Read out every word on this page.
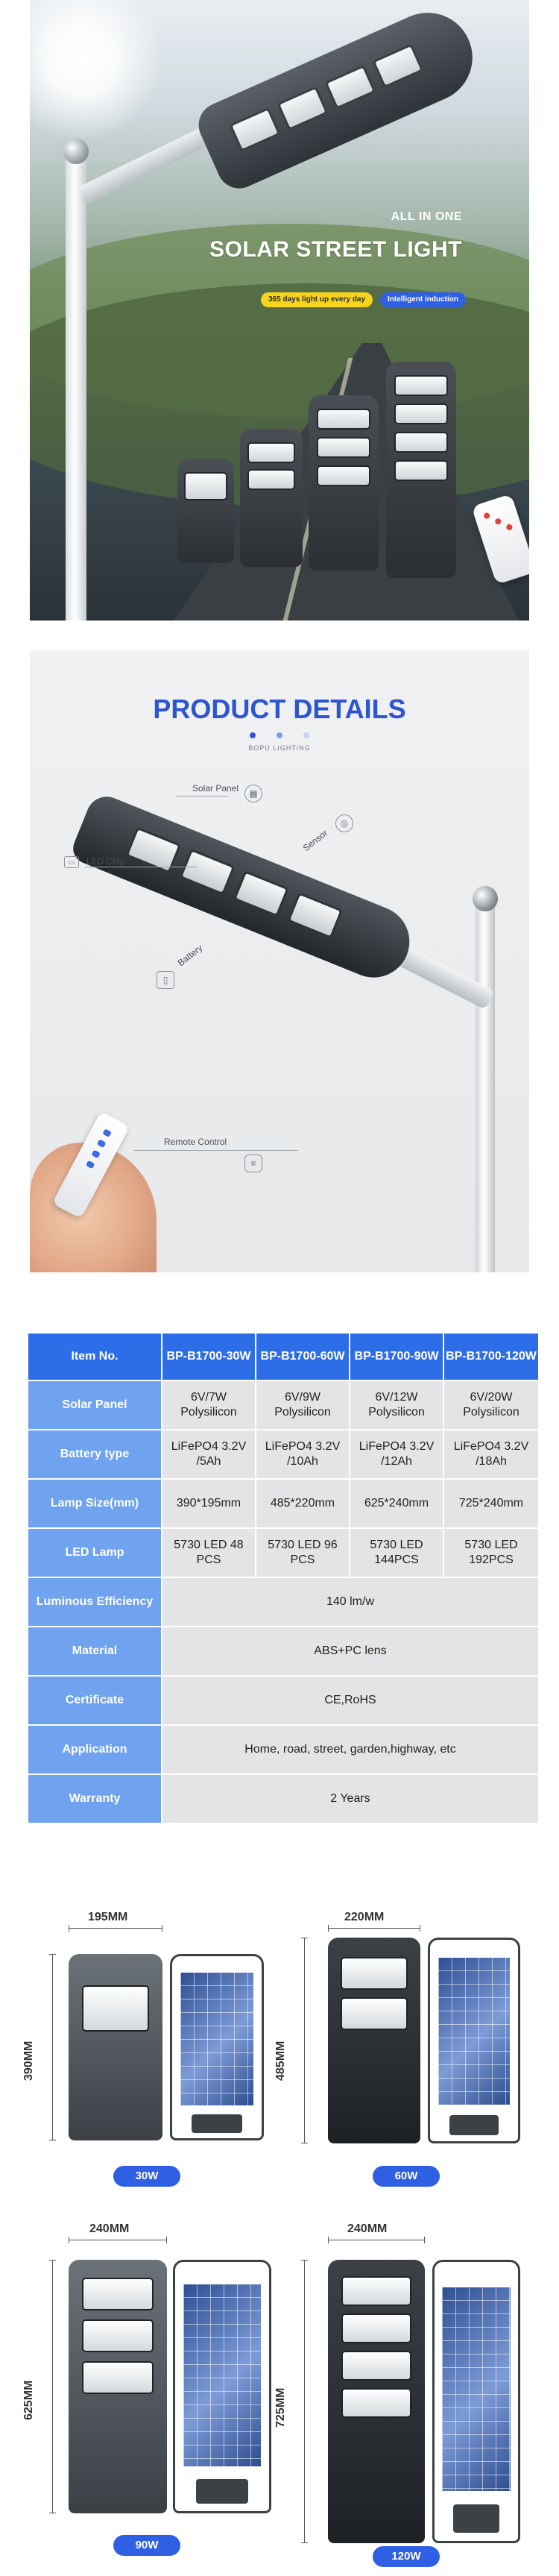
ALL IN ONE
SOLAR STREET LIGHT
365 days light up every day	Intelligent induction
PRODUCT DETAILS

BOPU LIGHTING
Solar Panel	▦
Sensor
◎
▭	LED Chip
Battery
▯
Remote Control
≡
Item No.	BP-B1700-30W	BP-B1700-60W	BP-B1700-90W	BP-B1700-120W
Solar Panel	6V/7W Polysilicon	6V/9W Polysilicon	6V/12W Polysilicon	6V/20W Polysilicon
Battery type	LiFePO4 3.2V /5Ah	LiFePO4 3.2V /10Ah	LiFePO4 3.2V /12Ah	LiFePO4 3.2V /18Ah
Lamp Size(mm)	390*195mm	485*220mm	625*240mm	725*240mm
LED Lamp	5730 LED 48 PCS	5730 LED 96 PCS	5730 LED 144PCS	5730 LED 192PCS
Luminous Efficiency	140 lm/w			
Material	ABS+PC lens			
Certificate	CE,RoHS			
Application	Home, road, street, garden,highway, etc			
Warranty	2 Years			
195MM
390MM
30W
220MM
485MM
60W
240MM
625MM
90W
240MM
725MM
120W
